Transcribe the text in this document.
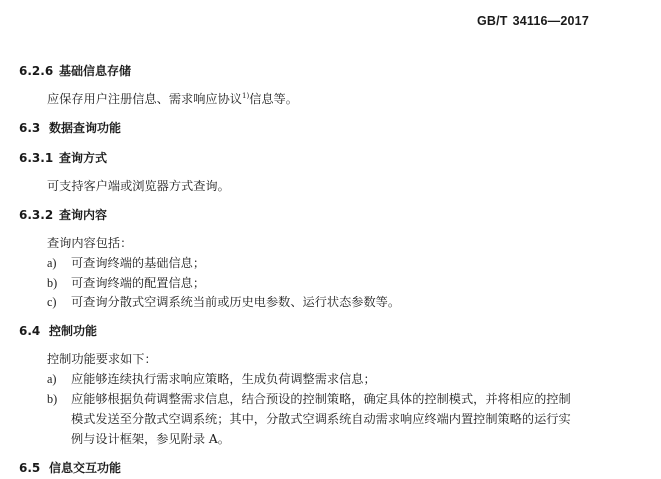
GB/T 34116—2017
6.2.6 基础信息存储
应保存用户注册信息、需求响应协议$^{1)}$信息等。
6.3 数据查询功能
6.3.1 查询方式
可支持客户端或浏览器方式查询。
6.3.2 查询内容
查询内容包括：
a) 可查询终端的基础信息；
b) 可查询终端的配置信息；
c) 可查询分散式空调系统当前或历史电参数、运行状态参数等。
6.4 控制功能
控制功能要求如下：
a) 应能够连续执行需求响应策略，生成负荷调整需求信息；
b) 应能够根据负荷调整需求信息，结合预设的控制策略，确定具体的控制模式，并将相应的控制
模式发送至分散式空调系统；其中，分散式空调系统自动需求响应终端内置控制策略的运行实
例与设计框架，参见附录 A。
6.5 信息交互功能
